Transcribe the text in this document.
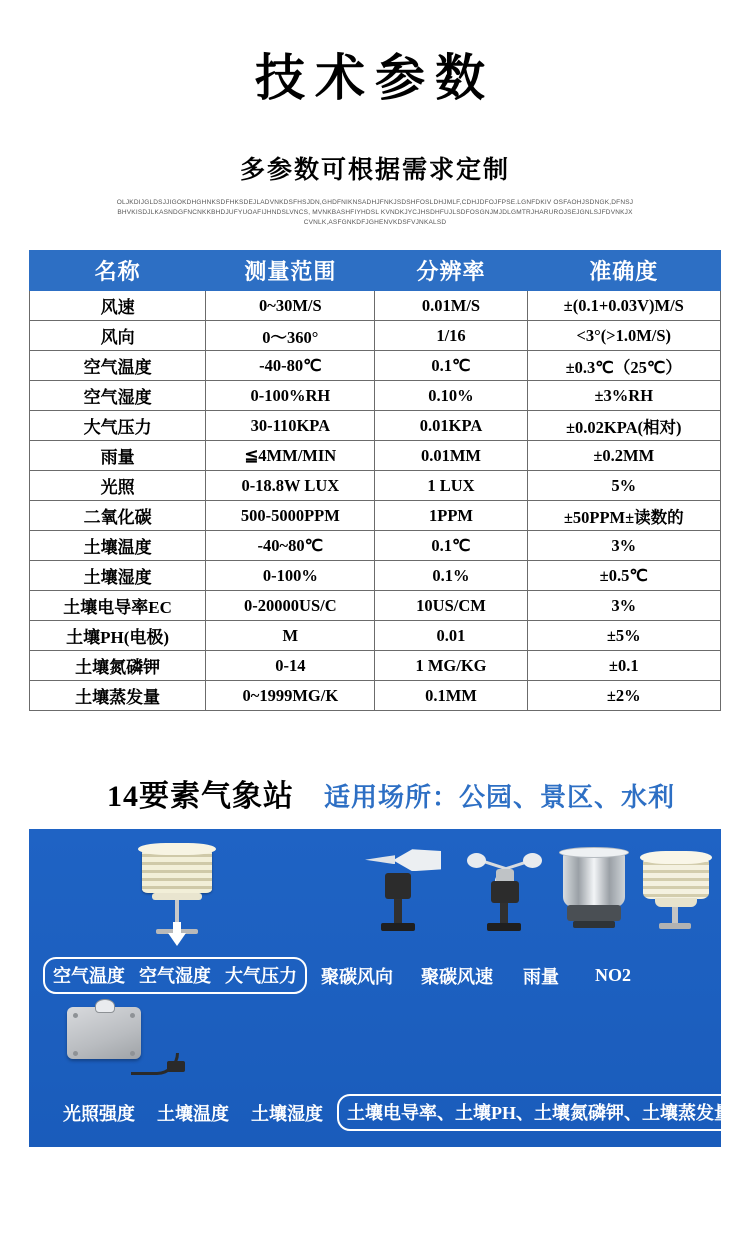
技术参数
多参数可根据需求定制
OLJKDIJGLDSJJIGOKDHGHNKSDFHKSDEJLADVNKDSFHSJDN,GHDFNIKNSADHJFNKJSDSHFOSLDHJMLF,CDHJDFOJFPSE.LGNFDKIV OSFAOHJSDNGK,DFNSJBHVKISDJLKASNDGFNCNKKBHDJUFYUOAFIJHNDSLVNCS, MVNKBASHFIYHDSL KVNDKJYCJHSDHFUJLSDFOSGNJMJDLGMTRJHARUROJSEJGNLSJFDVNKJXCVNLK,ASFGNKDFJGHENVKDSFVJNKALSD
名称	测量范围	分辨率	准确度
风速	0~30M/S	0.01M/S	±(0.1+0.03V)M/S
风向	0～360°	1/16	<3°(>1.0M/S)
空气温度	-40-80℃	0.1℃	±0.3℃（25℃）
空气湿度	0-100%RH	0.10%	±3%RH
大气压力	30-110KPA	0.01KPA	±0.02KPA(相对)
雨量	≦4MM/MIN	0.01MM	±0.2MM
光照	0-18.8W LUX	1 LUX	5%
二氧化碳	500-5000PPM	1PPM	±50PPM±读数的
土壤温度	-40~80℃	0.1℃	3%
土壤湿度	0-100%	0.1%	±0.5℃
土壤电导率EC	0-20000US/C	10US/CM	3%
土壤PH(电极)	M	0.01	±5%
土壤氮磷钾	0-14	1 MG/KG	±0.1
土壤蒸发量	0~1999MG/K	0.1MM	±2%
14要素气象站 适用场所：公园、景区、水利
空气温度 空气湿度 大气压力 聚碳风向 聚碳风速 雨量 NO2
光照强度 土壤温度 土壤湿度	土壤电导率、土壤PH、土壤氮磷钾、土壤蒸发量
